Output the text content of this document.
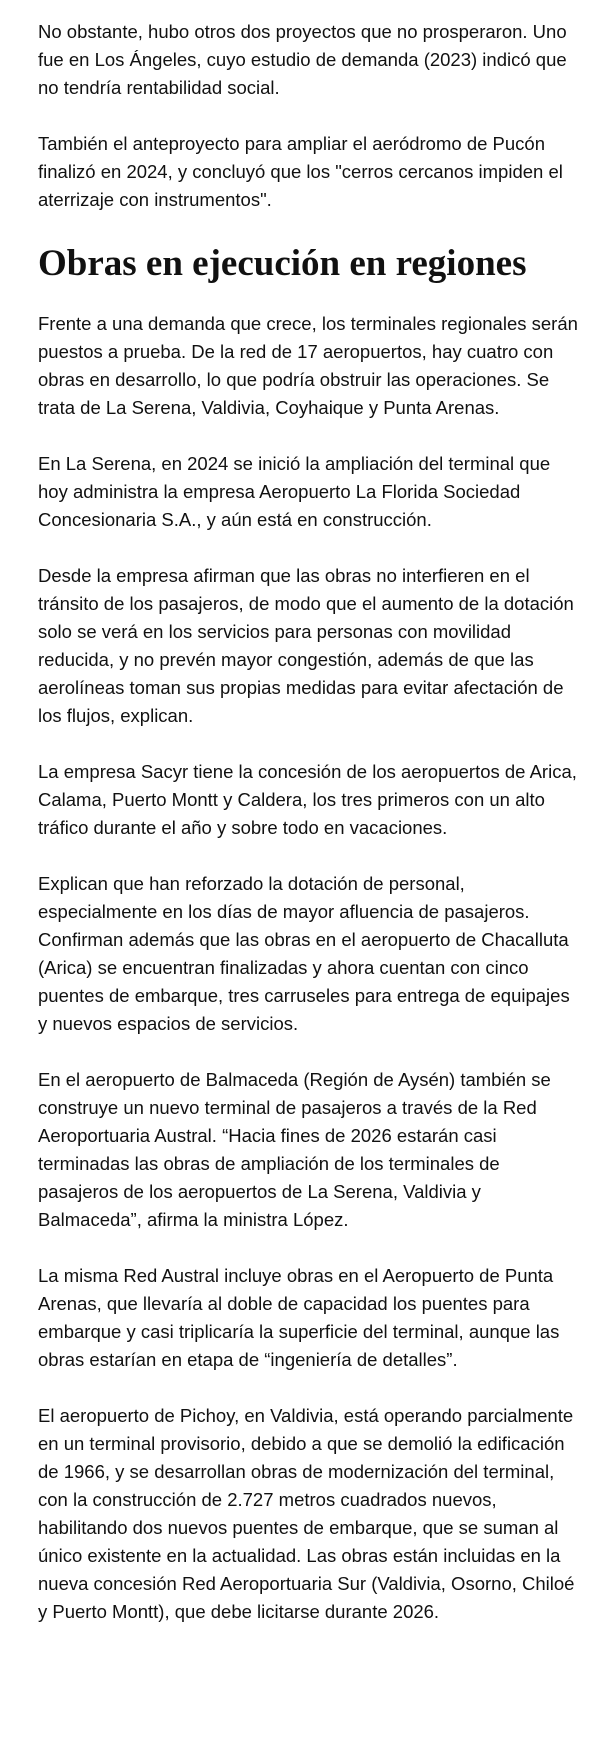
No obstante, hubo otros dos proyectos que no prosperaron. Uno fue en Los Ángeles, cuyo estudio de demanda (2023) indicó que no tendría rentabilidad social.

También el anteproyecto para ampliar el aeródromo de Pucón finalizó en 2024, y concluyó que los "cerros cercanos impiden el aterrizaje con instrumentos".

Obras en ejecución en regiones

Frente a una demanda que crece, los terminales regionales serán puestos a prueba. De la red de 17 aeropuertos, hay cuatro con obras en desarrollo, lo que podría obstruir las operaciones. Se trata de La Serena, Valdivia, Coyhaique y Punta Arenas.

En La Serena, en 2024 se inició la ampliación del terminal que hoy administra la empresa Aeropuerto La Florida Sociedad Concesionaria S.A., y aún está en construcción.

Desde la empresa afirman que las obras no interfieren en el tránsito de los pasajeros, de modo que el aumento de la dotación solo se verá en los servicios para personas con movilidad reducida, y no prevén mayor congestión, además de que las aerolíneas toman sus propias medidas para evitar afectación de los flujos, explican.

La empresa Sacyr tiene la concesión de los aeropuertos de Arica, Calama, Puerto Montt y Caldera, los tres primeros con un alto tráfico durante el año y sobre todo en vacaciones.

Explican que han reforzado la dotación de personal, especialmente en los días de mayor afluencia de pasajeros. Confirman además que las obras en el aeropuerto de Chacalluta (Arica) se encuentran finalizadas y ahora cuentan con cinco puentes de embarque, tres carruseles para entrega de equipajes y nuevos espacios de servicios.

En el aeropuerto de Balmaceda (Región de Aysén) también se construye un nuevo terminal de pasajeros a través de la Red Aeroportuaria Austral. “Hacia fines de 2026 estarán casi terminadas las obras de ampliación de los terminales de pasajeros de los aeropuertos de La Serena, Valdivia y Balmaceda”, afirma la ministra López.

La misma Red Austral incluye obras en el Aeropuerto de Punta Arenas, que llevaría al doble de capacidad los puentes para embarque y casi triplicaría la superficie del terminal, aunque las obras estarían en etapa de “ingeniería de detalles”.

El aeropuerto de Pichoy, en Valdivia, está operando parcialmente en un terminal provisorio, debido a que se demolió la edificación de 1966, y se desarrollan obras de modernización del terminal, con la construcción de 2.727 metros cuadrados nuevos, habilitando dos nuevos puentes de embarque, que se suman al único existente en la actualidad. Las obras están incluidas en la nueva concesión Red Aeroportuaria Sur (Valdivia, Osorno, Chiloé y Puerto Montt), que debe licitarse durante 2026.
